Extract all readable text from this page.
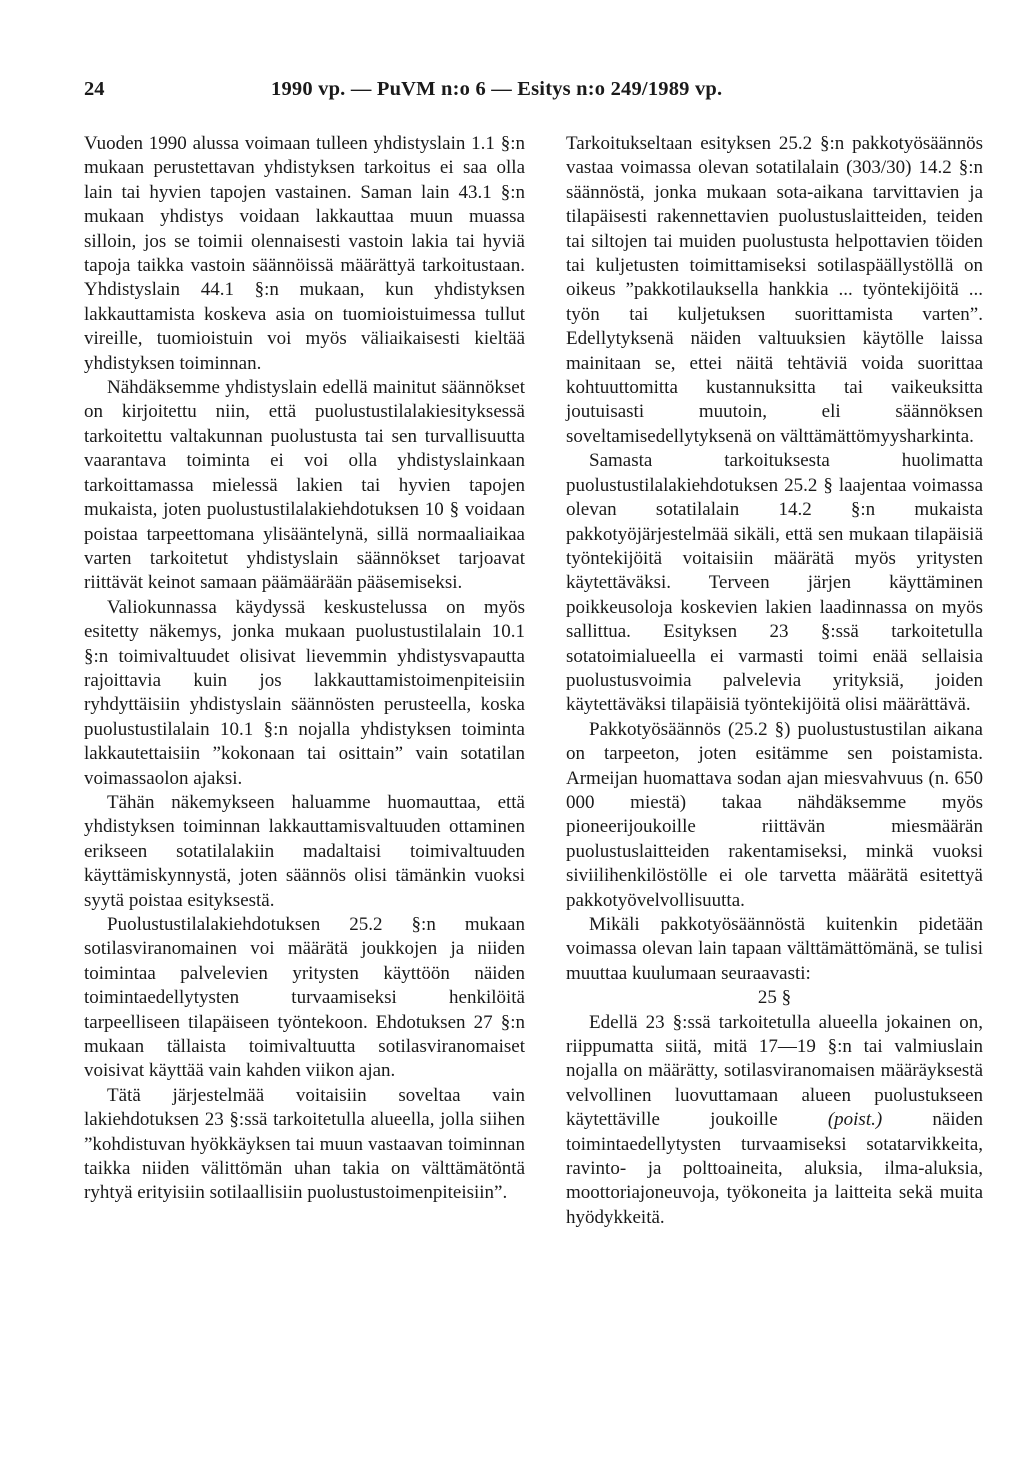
24	1990 vp. — PuVM n:o 6 — Esitys n:o 249/1989 vp.

Vuoden 1990 alussa voimaan tulleen yhdistyslain 1.1 §:n mukaan perustettavan yhdistyksen tarkoitus ei saa olla lain tai hyvien tapojen vastainen. Saman lain 43.1 §:n mukaan yhdistys voidaan lakkauttaa muun muassa silloin, jos se toimii olennaisesti vastoin lakia tai hyviä tapoja taikka vastoin säännöissä määrättyä tarkoitustaan. Yhdistyslain 44.1 §:n mukaan, kun yhdistyksen lakkauttamista koskeva asia on tuomioistuimessa tullut vireille, tuomioistuin voi myös väliaikaisesti kieltää yhdistyksen toiminnan.

Nähdäksemme yhdistyslain edellä mainitut säännökset on kirjoitettu niin, että puolustustilalakiesityksessä tarkoitettu valtakunnan puolustusta tai sen turvallisuutta vaarantava toiminta ei voi olla yhdistyslainkaan tarkoittamassa mielessä lakien tai hyvien tapojen mukaista, joten puolustustilalakiehdotuksen 10 § voidaan poistaa tarpeettomana ylisääntelynä, sillä normaaliaikaa varten tarkoitetut yhdistyslain säännökset tarjoavat riittävät keinot samaan päämäärään pääsemiseksi.

Valiokunnassa käydyssä keskustelussa on myös esitetty näkemys, jonka mukaan puolustustilalain 10.1 §:n toimivaltuudet olisivat lievemmin yhdistysvapautta rajoittavia kuin jos lakkauttamistoimenpiteisiin ryhdyttäisiin yhdistyslain säännösten perusteella, koska puolustustilalain 10.1 §:n nojalla yhdistyksen toiminta lakkautettaisiin ”kokonaan tai osittain” vain sotatilan voimassaolon ajaksi.

Tähän näkemykseen haluamme huomauttaa, että yhdistyksen toiminnan lakkauttamisvaltuuden ottaminen erikseen sotatilalakiin madaltaisi toimivaltuuden käyttämiskynnystä, joten säännös olisi tämänkin vuoksi syytä poistaa esityksestä.

Puolustustilalakiehdotuksen 25.2 §:n mukaan sotilasviranomainen voi määrätä joukkojen ja niiden toimintaa palvelevien yritysten käyttöön näiden toimintaedellytysten turvaamiseksi henkilöitä tarpeelliseen tilapäiseen työntekoon. Ehdotuksen 27 §:n mukaan tällaista toimivaltuutta sotilasviranomaiset voisivat käyttää vain kahden viikon ajan.

Tätä järjestelmää voitaisiin soveltaa vain lakiehdotuksen 23 §:ssä tarkoitetulla alueella, jolla siihen ”kohdistuvan hyökkäyksen tai muun vastaavan toiminnan taikka niiden välittömän uhan takia on välttämätöntä ryhtyä erityisiin sotilaallisiin puolustustoimenpiteisiin”.

Tarkoitukseltaan esityksen 25.2 §:n pakkotyösäännös vastaa voimassa olevan sotatilalain (303/30) 14.2 §:n säännöstä, jonka mukaan sota-aikana tarvittavien ja tilapäisesti rakennettavien puolustuslaitteiden, teiden tai siltojen tai muiden puolustusta helpottavien töiden tai kuljetusten toimittamiseksi sotilaspäällystöllä on oikeus ”pakkotilauksella hankkia ... työntekijöitä ... työn tai kuljetuksen suorittamista varten”. Edellytyksenä näiden valtuuksien käytölle laissa mainitaan se, ettei näitä tehtäviä voida suorittaa kohtuuttomitta kustannuksitta tai vaikeuksitta joutuisasti muutoin, eli säännöksen soveltamisedellytyksenä on välttämättömyysharkinta.

Samasta tarkoituksesta huolimatta puolustustilalakiehdotuksen 25.2 § laajentaa voimassa olevan sotatilalain 14.2 §:n mukaista pakkotyöjärjestelmää sikäli, että sen mukaan tilapäisiä työntekijöitä voitaisiin määrätä myös yritysten käytettäväksi. Terveen järjen käyttäminen poikkeusoloja koskevien lakien laadinnassa on myös sallittua. Esityksen 23 §:ssä tarkoitetulla sotatoimialueella ei varmasti toimi enää sellaisia puolustusvoimia palvelevia yrityksiä, joiden käytettäväksi tilapäisiä työntekijöitä olisi määrättävä.

Pakkotyösäännös (25.2 §) puolustustustilan aikana on tarpeeton, joten esitämme sen poistamista. Armeijan huomattava sodan ajan miesvahvuus (n. 650 000 miestä) takaa nähdäksemme myös pioneerijoukoille riittävän miesmäärän puolustuslaitteiden rakentamiseksi, minkä vuoksi siviilihenkilöstölle ei ole tarvetta määrätä esitettyä pakkotyövelvollisuutta.

Mikäli pakkotyösäännöstä kuitenkin pidetään voimassa olevan lain tapaan välttämättömänä, se tulisi muuttaa kuulumaan seuraavasti:

25 §

Edellä 23 §:ssä tarkoitetulla alueella jokainen on, riippumatta siitä, mitä 17—19 §:n tai valmiuslain nojalla on määrätty, sotilasviranomaisen määräyksestä velvollinen luovuttamaan alueen puolustukseen käytettäville joukoille (poist.) näiden toimintaedellytysten turvaamiseksi sotatarvikkeita, ravinto- ja polttoaineita, aluksia, ilma-aluksia, moottoriajoneuvoja, työkoneita ja laitteita sekä muita hyödykkeitä.
